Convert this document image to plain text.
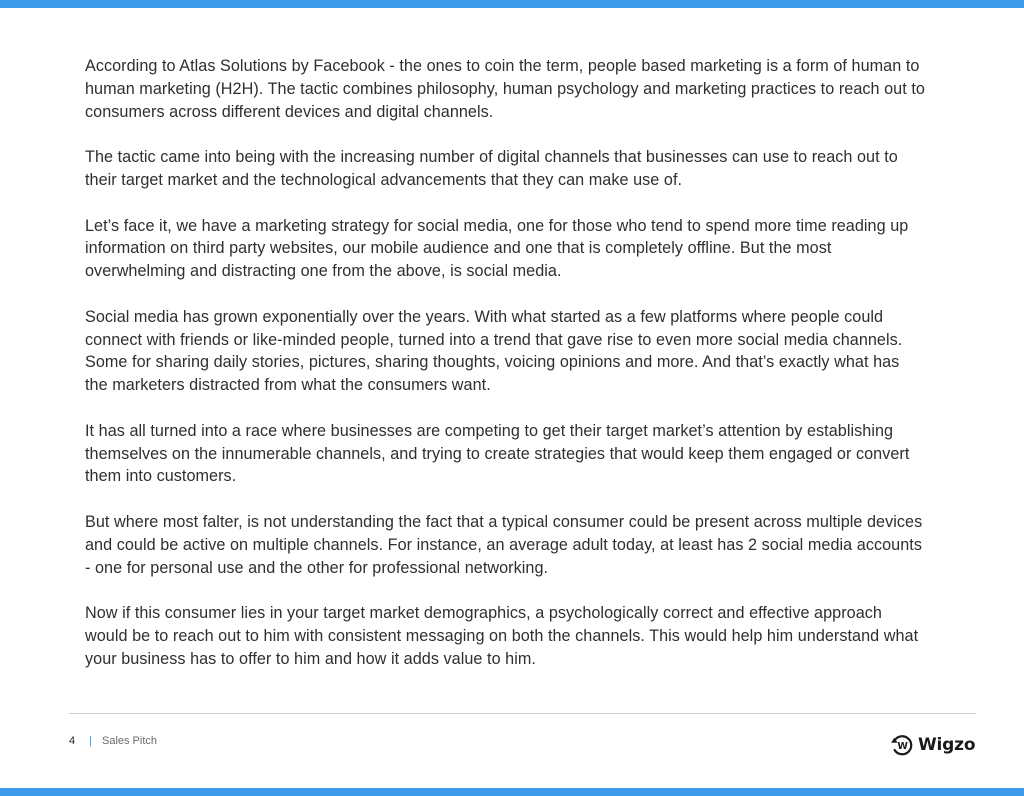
According to Atlas Solutions by Facebook - the ones to coin the term, people based marketing is a form of human to human marketing (H2H). The tactic combines philosophy, human psychology and marketing practices to reach out to consumers across different devices and digital channels.

The tactic came into being with the increasing number of digital channels that businesses can use to reach out to their target market and the technological advancements that they can make use of.

Let’s face it, we have a marketing strategy for social media, one for those who tend to spend more time reading up information on third party websites, our mobile audience and one that is completely offline. But the most overwhelming and distracting one from the above, is social media.

Social media has grown exponentially over the years. With what started as a few platforms where people could connect with friends or like-minded people, turned into a trend that gave rise to even more social media channels. Some for sharing daily stories, pictures, sharing thoughts, voicing opinions and more. And that’s exactly what has the marketers distracted from what the consumers want.

It has all turned into a race where businesses are competing to get their target market’s attention by establishing themselves on the innumerable channels, and trying to create strategies that would keep them engaged or convert them into customers.

But where most falter, is not understanding the fact that a typical consumer could be present across multiple devices and could be active on multiple channels. For instance, an average adult today, at least has 2 social media accounts - one for personal use and the other for professional networking.

Now if this consumer lies in your target market demographics, a psychologically correct and effective approach would be to reach out to him with consistent messaging on both the channels. This would help him understand what your business has to offer to him and how it adds value to him.

4 | Sales Pitch	W Wigzo
